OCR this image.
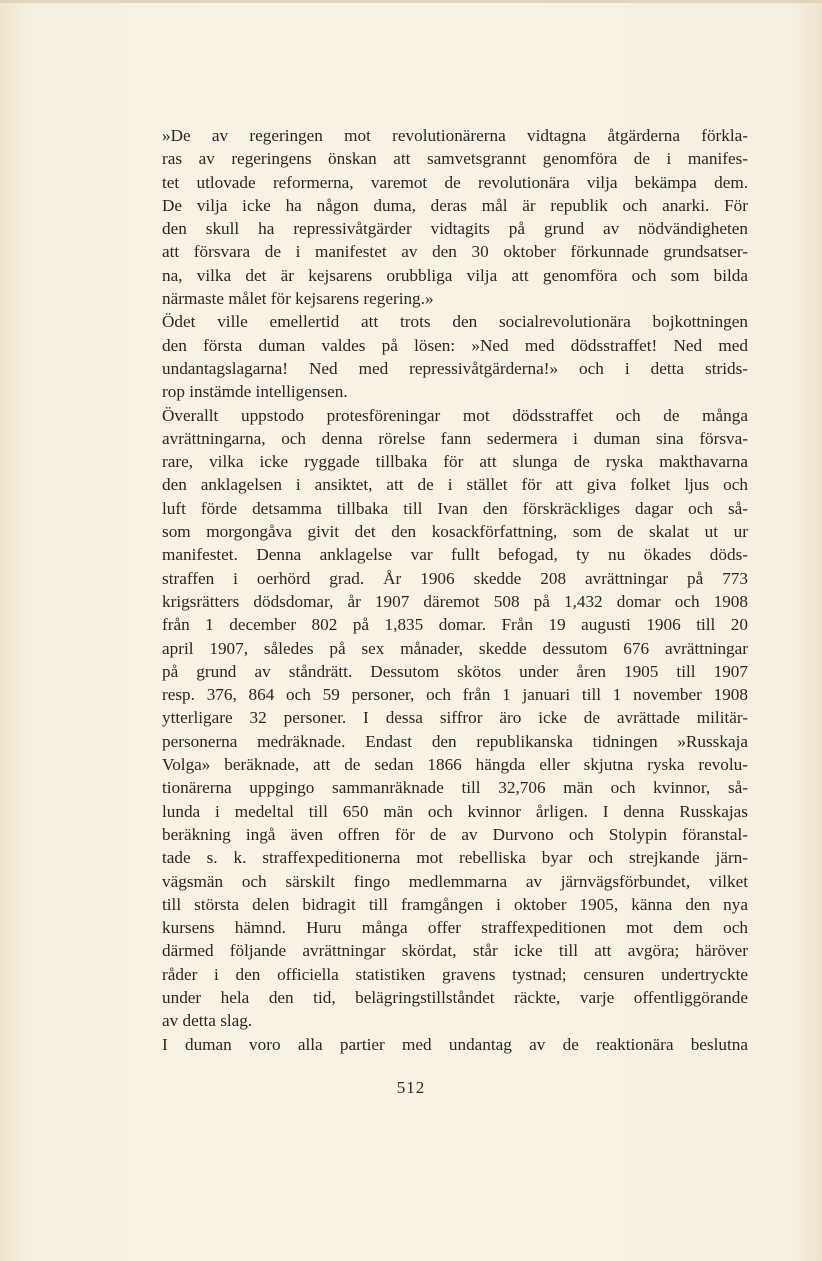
»De av regeringen mot revolutionärerna vidtagna åtgärderna förkla-
ras av regeringens önskan att samvetsgrannt genomföra de i manifes-
tet utlovade reformerna, varemot de revolutionära vilja bekämpa dem.
De vilja icke ha någon duma, deras mål är republik och anarki. För
den skull ha repressivåtgärder vidtagits på grund av nödvändigheten
att försvara de i manifestet av den 30 oktober förkunnade grundsatser-
na, vilka det är kejsarens orubbliga vilja att genomföra och som bilda
närmaste målet för kejsarens regering.»
Ödet ville emellertid att trots den socialrevolutionära bojkottningen
den första duman valdes på lösen: »Ned med dödsstraffet! Ned med
undantagslagarna! Ned med repressivåtgärderna!» och i detta strids-
rop instämde intelligensen.
Överallt uppstodo protesföreningar mot dödsstraffet och de många
avrättningarna, och denna rörelse fann sedermera i duman sina försva-
rare, vilka icke ryggade tillbaka för att slunga de ryska makthavarna
den anklagelsen i ansiktet, att de i stället för att giva folket ljus och
luft förde detsamma tillbaka till Ivan den förskräckliges dagar och så-
som morgongåva givit det den kosackförfattning, som de skalat ut ur
manifestet. Denna anklagelse var fullt befogad, ty nu ökades döds-
straffen i oerhörd grad. År 1906 skedde 208 avrättningar på 773
krigsrätters dödsdomar, år 1907 däremot 508 på 1,432 domar och 1908
från 1 december 802 på 1,835 domar. Från 19 augusti 1906 till 20
april 1907, således på sex månader, skedde dessutom 676 avrättningar
på grund av ståndrätt. Dessutom skötos under åren 1905 till 1907
resp. 376, 864 och 59 personer, och från 1 januari till 1 november 1908
ytterligare 32 personer. I dessa siffror äro icke de avrättade militär-
personerna medräknade. Endast den republikanska tidningen »Russkaja
Volga» beräknade, att de sedan 1866 hängda eller skjutna ryska revolu-
tionärerna uppgingo sammanräknade till 32,706 män och kvinnor, så-
lunda i medeltal till 650 män och kvinnor årligen. I denna Russkajas
beräkning ingå även offren för de av Durvono och Stolypin föranstal-
tade s. k. straffexpeditionerna mot rebelliska byar och strejkande järn-
vägsmän och särskilt fingo medlemmarna av järnvägsförbundet, vilket
till största delen bidragit till framgången i oktober 1905, känna den nya
kursens hämnd. Huru många offer straffexpeditionen mot dem och
därmed följande avrättningar skördat, står icke till att avgöra; häröver
råder i den officiella statistiken gravens tystnad; censuren undertryckte
under hela den tid, belägringstillståndet räckte, varje offentliggörande
av detta slag.
I duman voro alla partier med undantag av de reaktionära beslutna
512
